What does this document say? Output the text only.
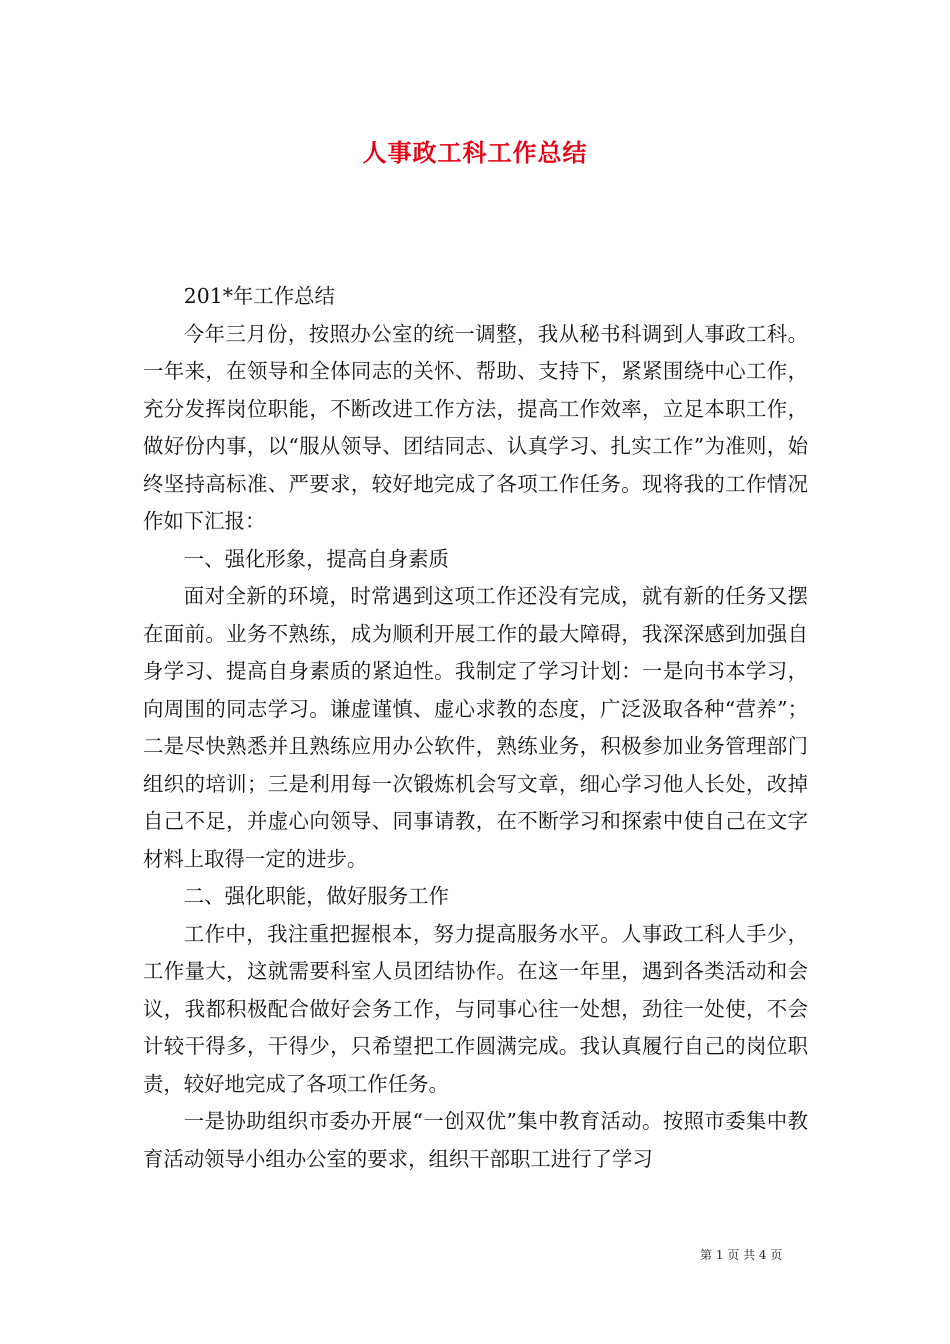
人事政工科工作总结

201*年工作总结

今年三月份，按照办公室的统一调整，我从秘书科调到人事政工科。一年来，在领导和全体同志的关怀、帮助、支持下，紧紧围绕中心工作，充分发挥岗位职能，不断改进工作方法，提高工作效率，立足本职工作，做好份内事，以“服从领导、团结同志、认真学习、扎实工作”为准则，始终坚持高标准、严要求，较好地完成了各项工作任务。现将我的工作情况作如下汇报：

一、强化形象，提高自身素质

面对全新的环境，时常遇到这项工作还没有完成，就有新的任务又摆在面前。业务不熟练，成为顺利开展工作的最大障碍，我深深感到加强自身学习、提高自身素质的紧迫性。我制定了学习计划：一是向书本学习，向周围的同志学习。谦虚谨慎、虚心求教的态度，广泛汲取各种“营养”；二是尽快熟悉并且熟练应用办公软件，熟练业务，积极参加业务管理部门组织的培训；三是利用每一次锻炼机会写文章，细心学习他人长处，改掉自己不足，并虚心向领导、同事请教，在不断学习和探索中使自己在文字材料上取得一定的进步。

二、强化职能，做好服务工作

工作中，我注重把握根本，努力提高服务水平。人事政工科人手少，工作量大，这就需要科室人员团结协作。在这一年里，遇到各类活动和会议，我都积极配合做好会务工作，与同事心往一处想，劲往一处使，不会计较干得多，干得少，只希望把工作圆满完成。我认真履行自己的岗位职责，较好地完成了各项工作任务。

一是协助组织市委办开展“一创双优”集中教育活动。按照市委集中教育活动领导小组办公室的要求，组织干部职工进行了学习

第 1 页 共 4 页
